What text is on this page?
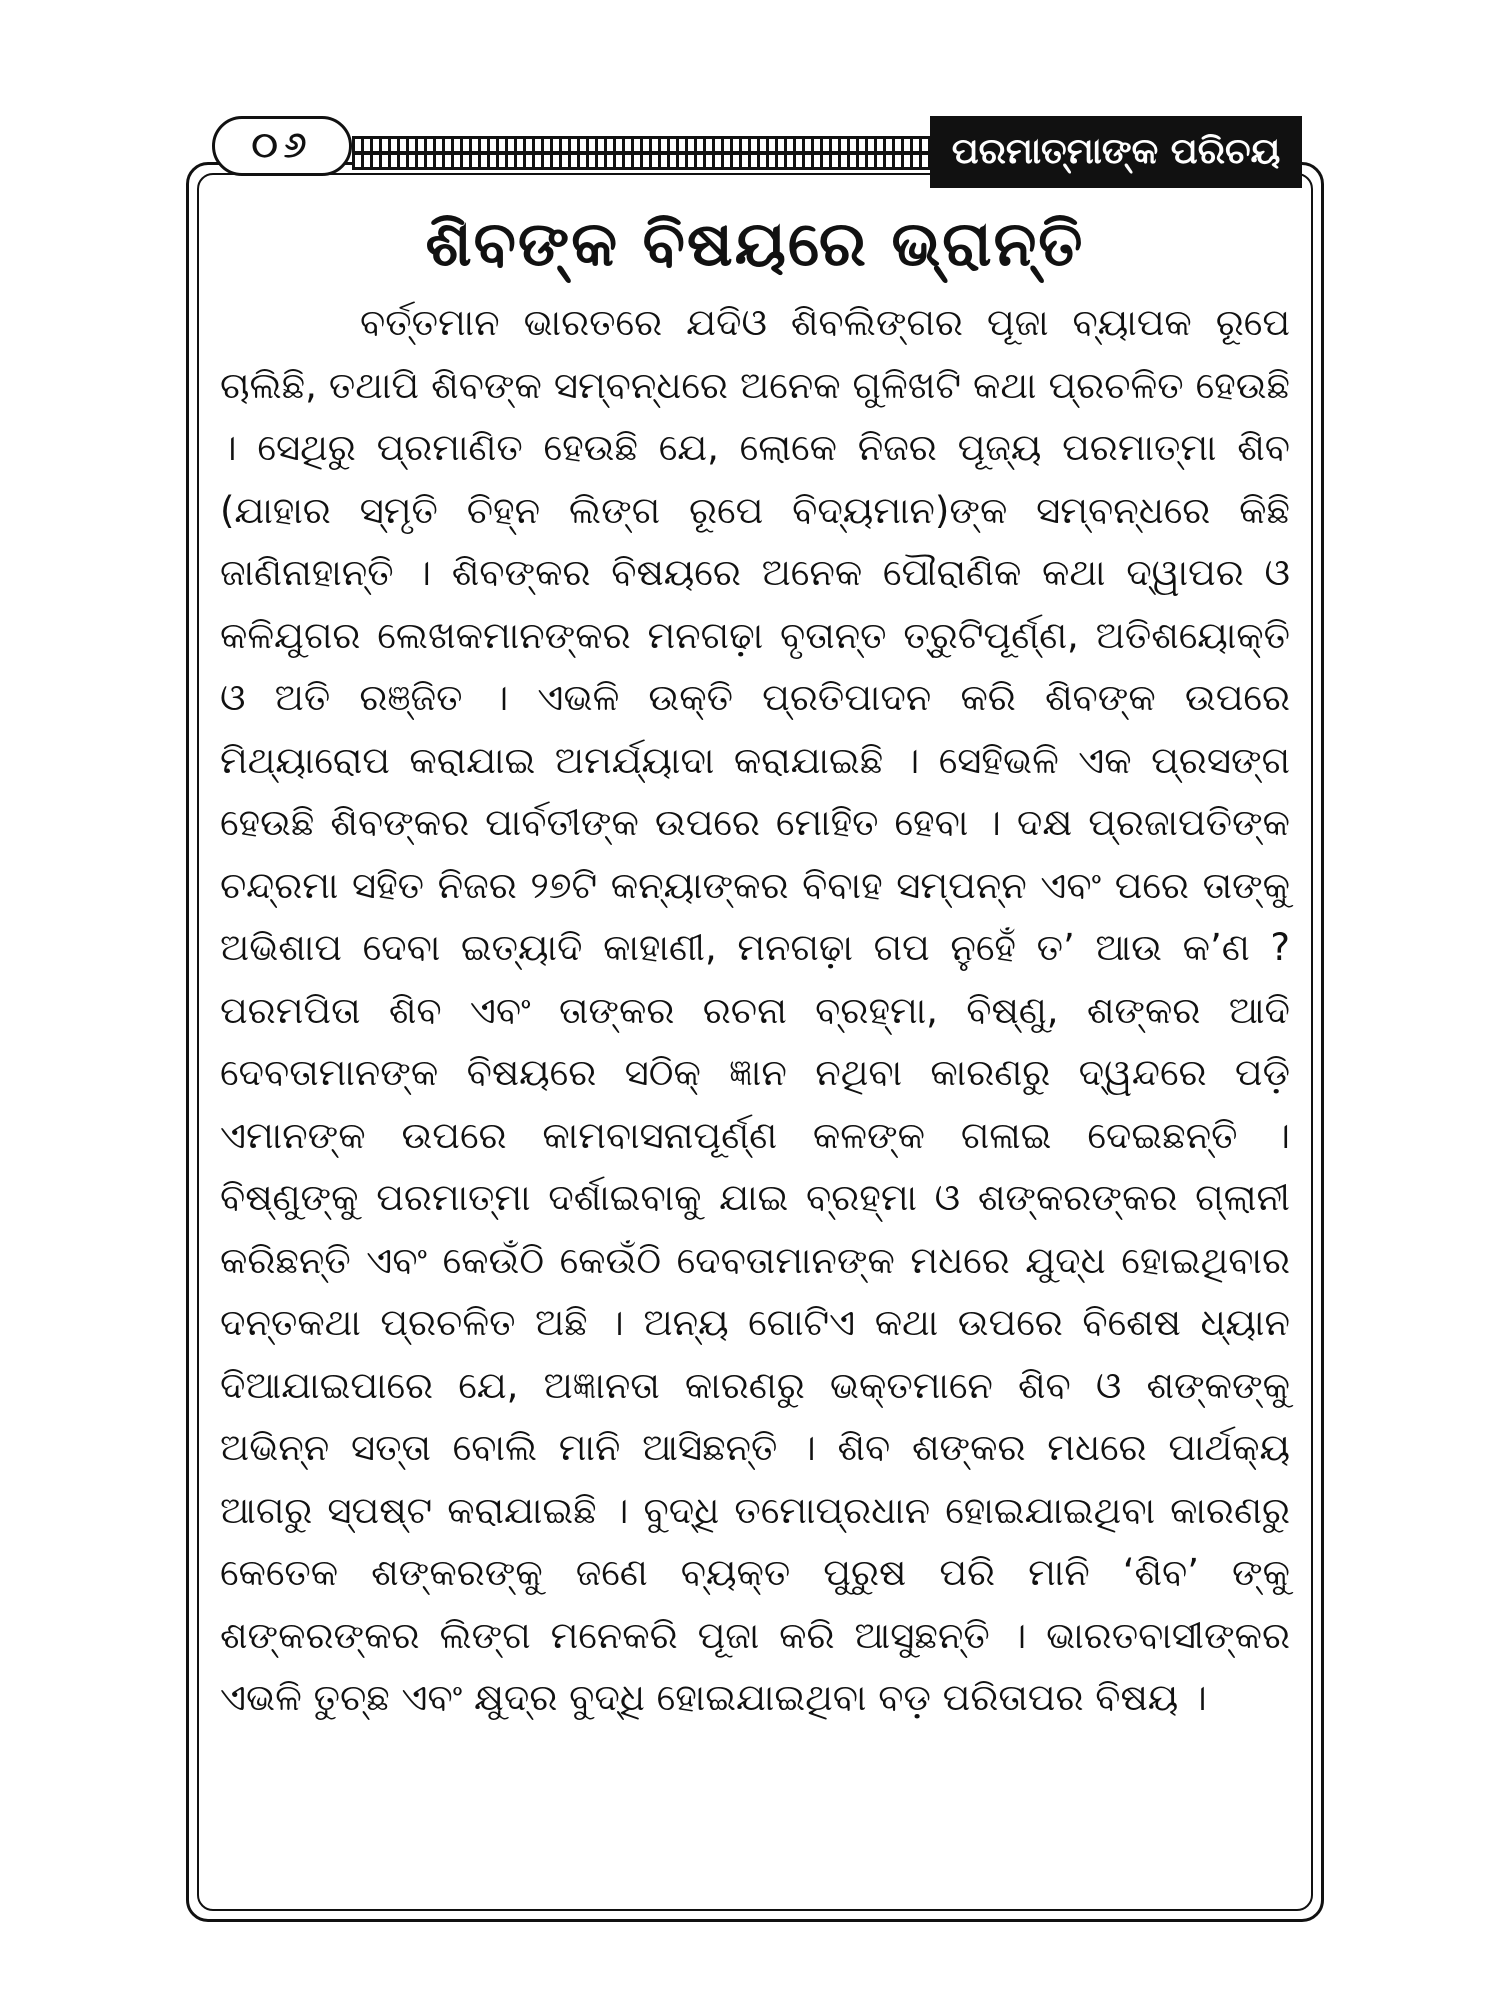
୦୬	ପରମାତ୍ମାଙ୍କ ପରିଚୟ
ଶିବଙ୍କ ବିଷୟରେ ଭ୍ରାନ୍ତି

ବର୍ତ୍ତମାନ ଭାରତରେ ଯଦିଓ ଶିବଲିଙ୍ଗର ପୂଜା ବ୍ୟାପକ ରୂପେ ଚାଲିଛି, ତଥାପି ଶିବଙ୍କ ସମ୍ବନ୍ଧରେ ଅନେକ ଗୁଳିଖଟି କଥା ପ୍ରଚଳିତ ହେଉଛି । ସେଥିରୁ ପ୍ରମାଣିତ ହେଉଛି ଯେ, ଲୋକେ ନିଜର ପୂଜ୍ୟ ପରମାତ୍ମା ଶିବ (ଯାହାର ସ୍ମୃତି ଚିହ୍ନ ଲିଙ୍ଗ ରୂପେ ବିଦ୍ୟମାନ)ଙ୍କ ସମ୍ବନ୍ଧରେ କିଛି ଜାଣିନାହାନ୍ତି । ଶିବଙ୍କର ବିଷୟରେ ଅନେକ ପୌରାଣିକ କଥା ଦ୍ୱାପର ଓ କଳିଯୁଗର ଲେଖକମାନଙ୍କର ମନଗଢ଼ା ବୃତାନ୍ତ ତ୍ରୁଟିପୂର୍ଣ୍ଣ, ଅତିଶୟୋକ୍ତି ଓ ଅତି ରଞ୍ଜିତ । ଏଭଳି ଉକ୍ତି ପ୍ରତିପାଦନ କରି ଶିବଙ୍କ ଉପରେ ମିଥ୍ୟାରୋପ କରାଯାଇ ଅମର୍ଯ୍ୟାଦା କରାଯାଇଛି । ସେହିଭଳି ଏକ ପ୍ରସଙ୍ଗ ହେଉଛି ଶିବଙ୍କର ପାର୍ବତୀଙ୍କ ଉପରେ ମୋହିତ ହେବା । ଦକ୍ଷ ପ୍ରଜାପତିଙ୍କ ଚନ୍ଦ୍ରମା ସହିତ ନିଜର ୨୭ଟି କନ୍ୟାଙ୍କର ବିବାହ ସମ୍ପନ୍ନ ଏବଂ ପରେ ତାଙ୍କୁ ଅଭିଶାପ ଦେବା ଇତ୍ୟାଦି କାହାଣୀ, ମନଗଢ଼ା ଗପ ନୁହେଁ ତ’ ଆଉ କ’ଣ ? ପରମପିତା ଶିବ ଏବଂ ତାଙ୍କର ରଚନା ବ୍ରହ୍ମା, ବିଷ୍ଣୁ, ଶଙ୍କର ଆଦି ଦେବତାମାନଙ୍କ ବିଷୟରେ ସଠିକ୍ ଜ୍ଞାନ ନଥିବା କାରଣରୁ ଦ୍ୱନ୍ଦରେ ପଡ଼ି ଏମାନଙ୍କ ଉପରେ କାମବାସନାପୂର୍ଣ୍ଣ କଳଙ୍କ ଗଳାଇ ଦେଇଛନ୍ତି । ବିଷ୍ଣୁଙ୍କୁ ପରମାତ୍ମା ଦର୍ଶାଇବାକୁ ଯାଇ ବ୍ରହ୍ମା ଓ ଶଙ୍କରଙ୍କର ଗ୍ଲାନୀ କରିଛନ୍ତି ଏବଂ କେଉଁଠି କେଉଁଠି ଦେବତାମାନଙ୍କ ମଧରେ ଯୁଦ୍ଧ ହୋଇଥିବାର ଦନ୍ତକଥା ପ୍ରଚଳିତ ଅଛି । ଅନ୍ୟ ଗୋଟିଏ କଥା ଉପରେ ବିଶେଷ ଧ୍ୟାନ ଦିଆଯାଇପାରେ ଯେ, ଅଜ୍ଞାନତା କାରଣରୁ ଭକ୍ତମାନେ ଶିବ ଓ ଶଙ୍କଙ୍କୁ ଅଭିନ୍ନ ସତ୍ତା ବୋଲି ମାନି ଆସିଛନ୍ତି । ଶିବ ଶଙ୍କର ମଧରେ ପାର୍ଥକ୍ୟ ଆଗରୁ ସ୍ପଷ୍ଟ କରାଯାଇଛି । ବୁଦ୍ଧି ତମୋପ୍ରଧାନ ହୋଇଯାଇଥିବା କାରଣରୁ କେତେକ ଶଙ୍କରଙ୍କୁ ଜଣେ ବ୍ୟକ୍ତ ପୁରୁଷ ପରି ମାନି ‘ଶିବ’ ଙ୍କୁ ଶଙ୍କରଙ୍କର ଲିଙ୍ଗ ମନେକରି ପୂଜା କରି ଆସୁଛନ୍ତି । ଭାରତବାସୀଙ୍କର ଏଭଳି ତୁଚ୍ଛ ଏବଂ କ୍ଷୁଦ୍ର ବୁଦ୍ଧି ହୋଇଯାଇଥିବା ବଡ଼ ପରିତାପର ବିଷୟ ।
